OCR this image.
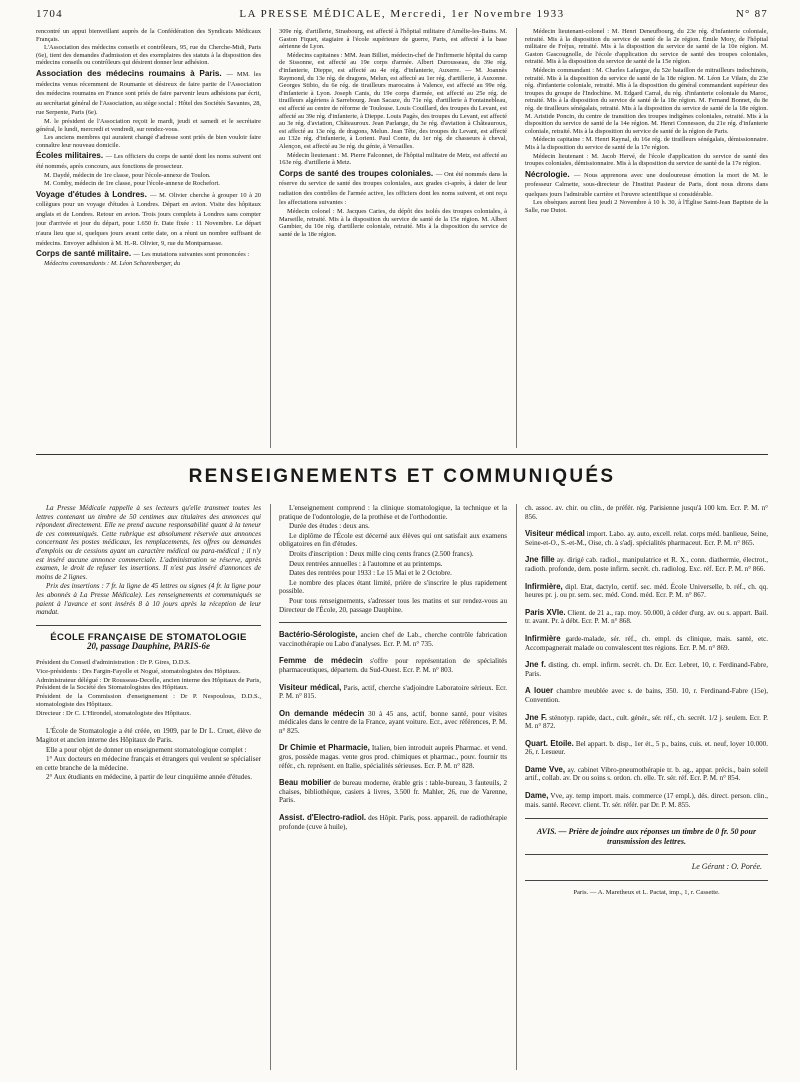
1704	LA PRESSE MÉDICALE, Mercredi, 1er Novembre 1933	N° 87

rencontré un appui bienveillant auprès de la Confédération des Syndicats Médicaux Français.

L'Association des médecins conseils et contrôleurs, 95, rue du Cherche-Midi, Paris (6e), tient des demandes d'admission et des exemplaires des statuts à la disposition des médecins conseils ou contrôleurs qui désirent donner leur adhésion.

Association des médecins roumains à Paris. — MM. les médecins venus récemment de Roumanie et désireux de faire partie de l'Association des médecins roumains en France sont priés de faire parvenir leurs adhésions par écrit, au secrétariat général de l'Association, au siège social : Hôtel des Sociétés Savantes, 28, rue Serpente, Paris (6e).

M. le président de l'Association reçoit le mardi, jeudi et samedi et le secrétaire général, le lundi, mercredi et vendredi, sur rendez-vous.

Les anciens membres qui auraient changé d'adresse sont priés de bien vouloir faire connaître leur nouveau domicile.

Écoles militaires. — Les officiers du corps de santé dont les noms suivent ont été nommés, après concours, aux fonctions de prosecteur.

M. Daydé, médecin de 1re classe, pour l'école-annexe de Toulon.

M. Comby, médecin de 1re classe, pour l'école-annexe de Rochefort.

Voyage d'études à Londres. — M. Olivier cherche à grouper 10 à 20 collègues pour un voyage d'études à Londres. Départ en avion. Visite des hôpitaux anglais et de Londres. Retour en avion. Trois jours complets à Londres sans compter jour d'arrivée et jour du départ, pour 1.650 fr. Date fixée : 11 Novembre. Le départ n'aura lieu que si, quelques jours avant cette date, on a réuni un nombre suffisant de médecins. Envoyer adhésion à M. H.-R. Olivier, 9, rue du Montparnasse.
Corps de santé militaire. — Les mutations suivantes sont prononcées :

Médecins commandants : M. Léon Scharenberger, du

309e rég. d'artillerie, Strasbourg, est affecté à l'hôpital militaire d'Amélie-les-Bains. M. Gaston Fiquet, stagiaire à l'école supérieure de guerre, Paris, est affecté à la base aérienne de Lyon.

Médecins capitaines : MM. Jean Billiet, médecin-chef de l'infirmerie hôpital du camp de Sissonne, est affecté au 19e corps d'armée. Albert Durousseau, du 39e rég. d'infanterie, Dieppe, est affecté au 4e rég. d'infanterie, Auxerre. — M. Joannès Raymond, du 13e rég. de dragons, Melun, est affecté au 1er rég. d'artillerie, à Auxonne. Georges Stibio, du 6e rég. de tirailleurs marocains à Valence, est affecté au 99e rég. d'infanterie à Lyon. Joseph Canis, du 19e corps d'armée, est affecté au 25e rég. de tirailleurs algériens à Sarrebourg. Jean Sacaze, du 71e rég. d'artillerie à Fontainebleau, est affecté au centre de réforme de Toulouse. Louis Couillard, des troupes du Levant, est affecté au 39e rég. d'infanterie, à Dieppe. Louis Pagès, des troupes du Levant, est affecté au 3e rég. d'aviation, Châteauroux. Jean Parlange, du 3e rég. d'aviation à Châteauroux, est affecté au 13e rég. de dragons, Melun. Jean Tête, des troupes du Levant, est affecté au 132e rég. d'infanterie, à Lorient. Paul Conte, du 1er rég. de chasseurs à cheval, Alençon, est affecté au 3e rég. du génie, à Versailles.

Médecin lieutenant : M. Pierre Falconnet, de l'hôpital militaire de Metz, est affecté au 163e rég. d'artillerie à Metz.

Corps de santé des troupes coloniales. — Ont été nommés dans la réserve du service de santé des troupes coloniales, aux grades ci-après, à dater de leur radiation des contrôles de l'armée active, les officiers dont les noms suivent, et ont reçu les affectations suivantes :

Médecin colonel : M. Jacques Caries, du dépôt des isolés des troupes coloniales, à Marseille, retraité. Mis à la disposition du service de santé de la 15e région. M. Albert Gambier, du 10e rég. d'artillerie coloniale, retraité. Mis à la disposition du service de santé de la 18e région.

Médecin lieutenant-colonel : M. Henri Deneufbourg, du 23e rég. d'infanterie coloniale, retraité. Mis à la disposition du service de santé de la 2e région. Émile Mory, de l'hôpital militaire de Fréjus, retraité. Mis à la disposition du service de santé de la 10e région. M. Gaston Gascougnolle, de l'école d'application du service de santé des troupes coloniales, retraité. Mis à la disposition du service de santé de la 15e région.

Médecin commandant : M. Charles Lafargue, du 52e bataillon de mitrailleurs indochinois, retraité. Mis à la disposition du service de santé de la 18e région. M. Léon Le Vilain, du 23e rég. d'infanterie coloniale, retraité. Mis à la disposition du général commandant supérieur des troupes du groupe de l'Indochine. M. Edgard Carral, du rég. d'infanterie coloniale du Maroc, retraité. Mis à la disposition du service de santé de la 18e région. M. Fernand Bonnet, du 8e rég. de tirailleurs sénégalais, retraité. Mis à la disposition du service de santé de la 18e région. M. Aristide Poncin, du centre de transition des troupes indigènes coloniales, retraité. Mis à la disposition du service de santé de la 14e région. M. Henri Connesson, du 21e rég. d'infanterie coloniale, retraité. Mis à la disposition du service de santé de la région de Paris.

Médecin capitaine : M. Henri Raynal, du 16e rég. de tirailleurs sénégalais, démissionnaire. Mis à la disposition du service de santé de la 17e région.

Médecin lieutenant : M. Jacob Hervé, de l'école d'application du service de santé des troupes coloniales, démissionnaire. Mis à la disposition du service de santé de la 17e région.

Nécrologie. — Nous apprenons avec une douloureuse émotion la mort de M. le professeur Calmette, sous-directeur de l'Institut Pasteur de Paris, dont nous dirons dans quelques jours l'admirable carrière et l'œuvre scientifique si considérable.

Les obsèques auront lieu jeudi 2 Novembre à 10 h. 30, à l'Église Saint-Jean Baptiste de la Salle, rue Dutot.

RENSEIGNEMENTS ET COMMUNIQUÉS

La Presse Médicale rappelle à ses lecteurs qu'elle transmet toutes les lettres contenant un timbre de 50 centimes aux titulaires des annonces qui répondent directement. Elle ne prend aucune responsabilité quant à la teneur de ces communiqués. Cette rubrique est absolument réservée aux annonces concernant les postes médicaux, les remplacements, les offres ou demandes d'emplois ou de cessions ayant un caractère médical ou para-médical ; il n'y est inséré aucune annonce commerciale. L'administration se réserve, après examen, le droit de refuser les insertions. Il n'est pas inséré d'annonces de moins de 2 lignes.

Prix des insertions : 7 fr. la ligne de 45 lettres ou signes (4 fr. la ligne pour les abonnés à La Presse Médicale). Les renseignements et communiqués se paient à l'avance et sont insérés 8 à 10 jours après la réception de leur mandat.

ÉCOLE FRANÇAISE DE STOMATOLOGIE
20, passage Dauphine, PARIS-6e

Président du Conseil d'administration : Dr P. Gires, D.D.S.

Vice-présidents : Drs Fargin-Fayolle et Nogué, stomatologistes des Hôpitaux.

Administrateur délégué : Dr Rousseau-Decelle, ancien interne des Hôpitaux de Paris, Président de la Société des Stomatologistes des Hôpitaux.

Président de la Commission d'enseignement : Dr P. Nespoulous, D.D.S., stomatologiste des Hôpitaux.

Directeur : Dr C. L'Hirondel, stomatologiste des Hôpitaux.

L'École de Stomatologie a été créée, en 1909, par le Dr L. Cruet, élève de Magitot et ancien interne des Hôpitaux de Paris.

Elle a pour objet de donner un enseignement stomatologique complet :

1° Aux docteurs en médecine français et étrangers qui veulent se spécialiser en cette branche de la médecine.

2° Aux étudiants en médecine, à partir de leur cinquième année d'études.

L'enseignement comprend : la clinique stomatologique, la technique et la pratique de l'odontologie, de la prothèse et de l'orthodontie.

Durée des études : deux ans.

Le diplôme de l'École est décerné aux élèves qui ont satisfait aux examens obligatoires en fin d'études.

Droits d'inscription : Deux mille cinq cents francs (2.500 francs).

Deux rentrées annuelles : à l'automne et au printemps.

Dates des rentrées pour 1933 : Le 15 Mai et le 2 Octobre.

Le nombre des places étant limité, prière de s'inscrire le plus rapidement possible.

Pour tous renseignements, s'adresser tous les matins et sur rendez-vous au Directeur de l'École, 20, passage Dauphine.

Bactério-Sérologiste, ancien chef de Lab., cherche contrôle fabrication vaccinothérapie ou Labo d'analyses. Ecr. P. M. n° 735.

Femme de médecin s'offre pour représentation de spécialités pharmaceutiques, départem. du Sud-Ouest. Ecr. P. M. n° 803.

Visiteur médical, Paris, actif, cherche s'adjoindre Laboratoire sérieux. Ecr. P. M. n° 815.

On demande médecin 30 à 45 ans, actif, bonne santé, pour visites médicales dans le centre de la France, ayant voiture. Ecr., avec références, P. M. n° 825.

Dr Chimie et Pharmacie, Italien, bien introduit auprès Pharmac. et vend. gros, possède magas. vente gros prod. chimiques et pharmac., pouv. fournir tts référ., ch. représent. en Italie, spécialités sérieuses. Ecr. P. M. n° 828.

Beau mobilier de bureau moderne, érable gris : table-bureau, 3 fauteuils, 2 chaises, bibliothèque, casiers à livres, 3.500 fr. Mahler, 26, rue de Varenne, Paris.

Assist. d'Electro-radiol. des Hôpit. Paris, poss. appareil. de radiothérapie profonde (cuve à huile),

ch. assoc. av. chir. ou clin., de préfér. rég. Parisienne jusqu'à 100 km. Ecr. P. M. n° 856.

Visiteur médical import. Labo. ay. auto, excell. relat. corps méd. banlieue, Seine, Seine-et-O., S.-et-M., Oise, ch. à s'adj. spécialités pharmaceut. Ecr. P. M. n° 865.

Jne fille ay. dirigé cab. radiol., manipulatrice et R. X., conn. diathermie, électrot., radioth. profonde, dem. poste infirm. secrét. ch. radiolog. Exc. réf. Ecr. P. M. n° 866.

Infirmière, dipl. Etat, dactylo, certif. sec. méd. École Universelle, b. réf., ch. qq. heures pr. j. ou pr. sem. sec. méd. Cond. méd. Ecr. P. M. n° 867.

Paris XVIe. Client. de 21 a., rap. moy. 50.000, à céder d'urg. av. ou s. appart. Bail. tr. avant. Pr. à débt. Ecr. P. M. n° 868.

Infirmière garde-malade, sér. réf., ch. empl. ds clinique, mais. santé, etc. Accompagnerait malade ou convalescent ttes régions. Ecr. P. M. n° 869.

Jne f. disting. ch. empl. infirm. secrét. ch. Dr. Ecr. Lebret, 10, r. Ferdinand-Fabre, Paris.

A louer chambre meublée avec s. de bains, 350. 10, r. Ferdinand-Fabre (15e), Convention.

Jne F. sténotyp. rapide, dact., cult. génér., sér. réf., ch. secrét. 1/2 j. seulem. Ecr. P. M. n° 872.

Quart. Etoile. Bel appart. b. disp., 1er ét., 5 p., bains, cuis. et. neuf, loyer 10.000. 26, r. Lesueur.

Dame Vve, ay. cabinet Vibro-pneumothérapie tr. b. ag., appar. précis., bain soleil artif., collab. av. Dr ou soins s. ordon. ch. elle. Tr. sér. réf. Ecr. P. M. n° 854.

Dame, Vve, ay. temp import. mais. commerce (17 empl.), dés. direct. person. clin., mais. santé. Recevr. client. Tr. sér. référ. par Dr. P. M. 855.

AVIS. — Prière de joindre aux réponses un timbre de 0 fr. 50 pour transmission des lettres.
Le Gérant : O. Porée.
Paris. — A. Maretheux et L. Pactat, imp., 1, r. Cassette.
